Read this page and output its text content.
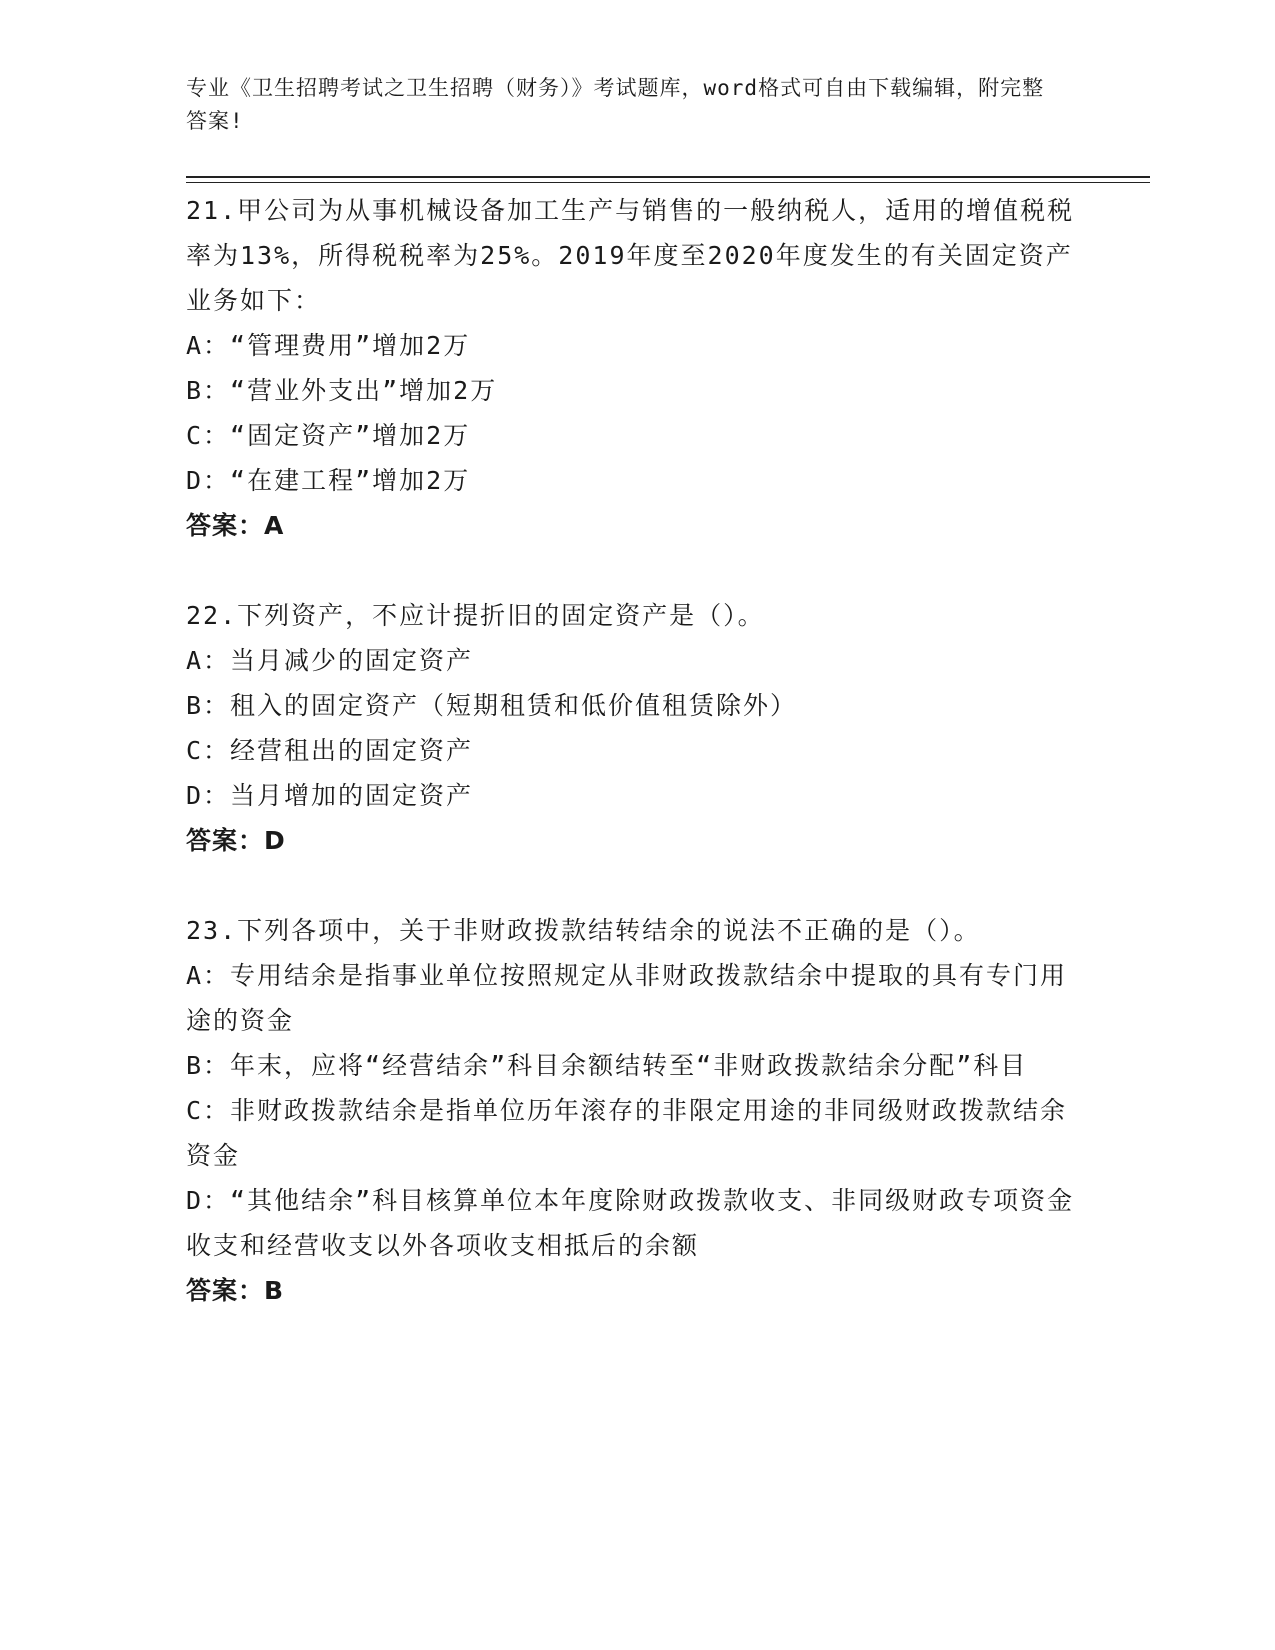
专业《卫生招聘考试之卫生招聘（财务）》考试题库，word格式可自由下载编辑，附完整答案!

21.甲公司为从事机械设备加工生产与销售的一般纳税人，适用的增值税税率为13%，所得税税率为25%。2019年度至2020年度发生的有关固定资产业务如下：

A：“管理费用”增加2万

B：“营业外支出”增加2万

C：“固定资产”增加2万

D：“在建工程”增加2万

答案：A

22.下列资产，不应计提折旧的固定资产是（）。

A：当月减少的固定资产

B：租入的固定资产（短期租赁和低价值租赁除外）

C：经营租出的固定资产

D：当月增加的固定资产

答案：D

23.下列各项中，关于非财政拨款结转结余的说法不正确的是（）。

A：专用结余是指事业单位按照规定从非财政拨款结余中提取的具有专门用途的资金

B：年末，应将“经营结余”科目余额结转至“非财政拨款结余分配”科目

C：非财政拨款结余是指单位历年滚存的非限定用途的非同级财政拨款结余资金

D：“其他结余”科目核算单位本年度除财政拨款收支、非同级财政专项资金收支和经营收支以外各项收支相抵后的余额

答案：B
